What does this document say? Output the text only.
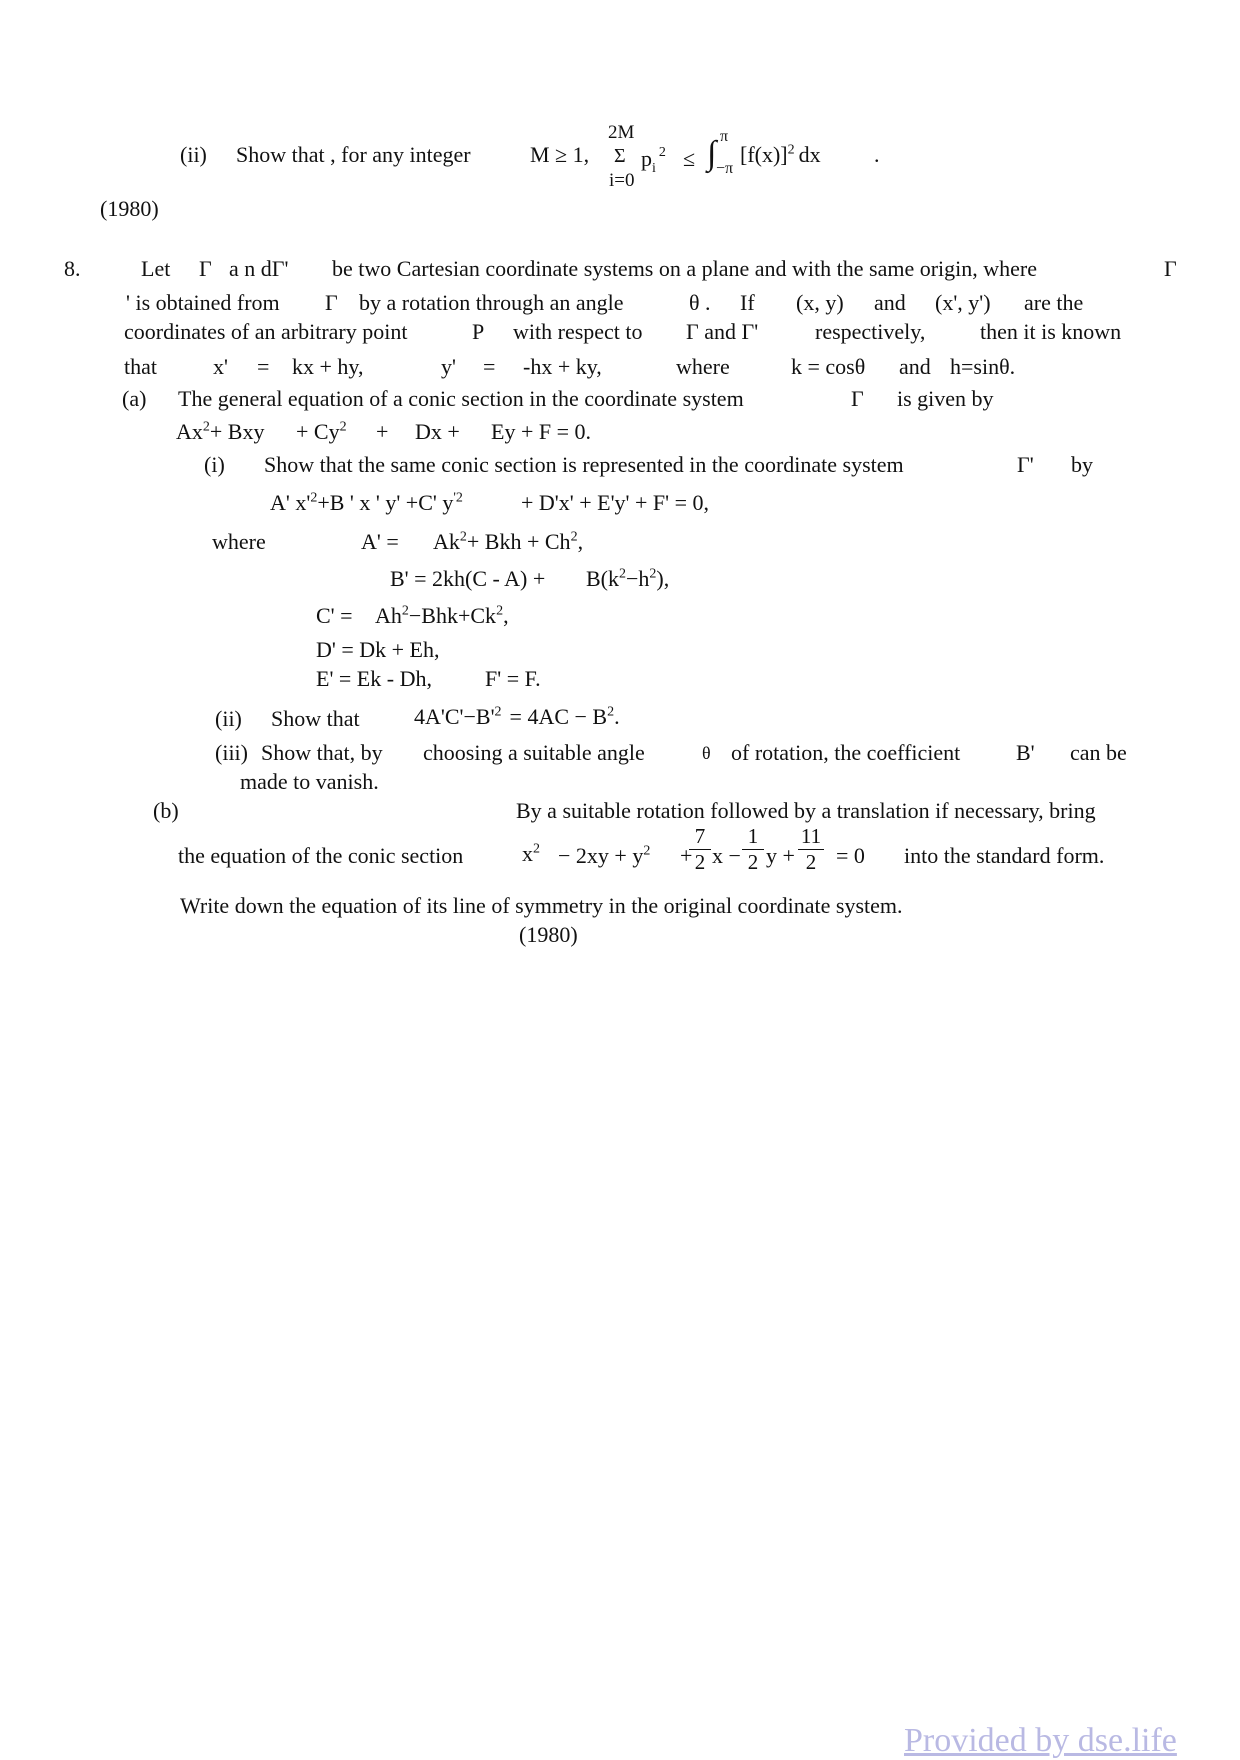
(ii) Show that , for any integer	M ≥ 1,
2M
Σ
i=0
$p_i^2$ ≤ ∫ π
−π
$[f(x)]^2$ dx .
(1980)
8.	Let Γ a n dΓ' be two Cartesian coordinate systems on a plane and with the same origin, where	Γ
' is obtained from Γ by a rotation through an angle	θ . If (x, y) and (x', y') are the
coordinates of an arbitrary point	P with respect to Γ and Γ'	respectively, then it is known
that	x' = kx + hy,	y' = -hx + ky,	where	k = cosθ and h=sinθ.
(a) The general equation of a conic section in the coordinate system	Γ is given by
$Ax^2+$ Bxy + $Cy^2 + Dx + Ey + F = 0$.
(i) Show that the same conic section is represented in the coordinate system	Γ' by
A' $x'^2+B$ ' x ' y' +C' $y^{'2}$	+ D'x' + E'y' + F' = 0,
where	$A' = Ak^2+$ Bkh + $Ch^2$,
$B' = 2kh(C - A) + B(k^2-h^2)$,
$C' = Ah^2-Bhk+Ck^2$,
D' = Dk + Eh,
E' = Ek - Dh, F' = F.
(ii) Show that $4A'C'-B'^2 = 4AC - B^2$.
(iii) Show that, by choosing a suitable angle	θ of rotation, the coefficient	B' can be
made to vanish.
(b)	By a suitable rotation followed by a translation if necessary, bring
the equation of the conic section	$x^2 - 2xy + y^2$ +
$\frac{7}{2}$ $x - \frac{1}{2}$ $y + \frac{11}{2} = 0$ into the standard form.
Write down the equation of its line of symmetry in the original coordinate system.
(1980)
Provided by dse.life
